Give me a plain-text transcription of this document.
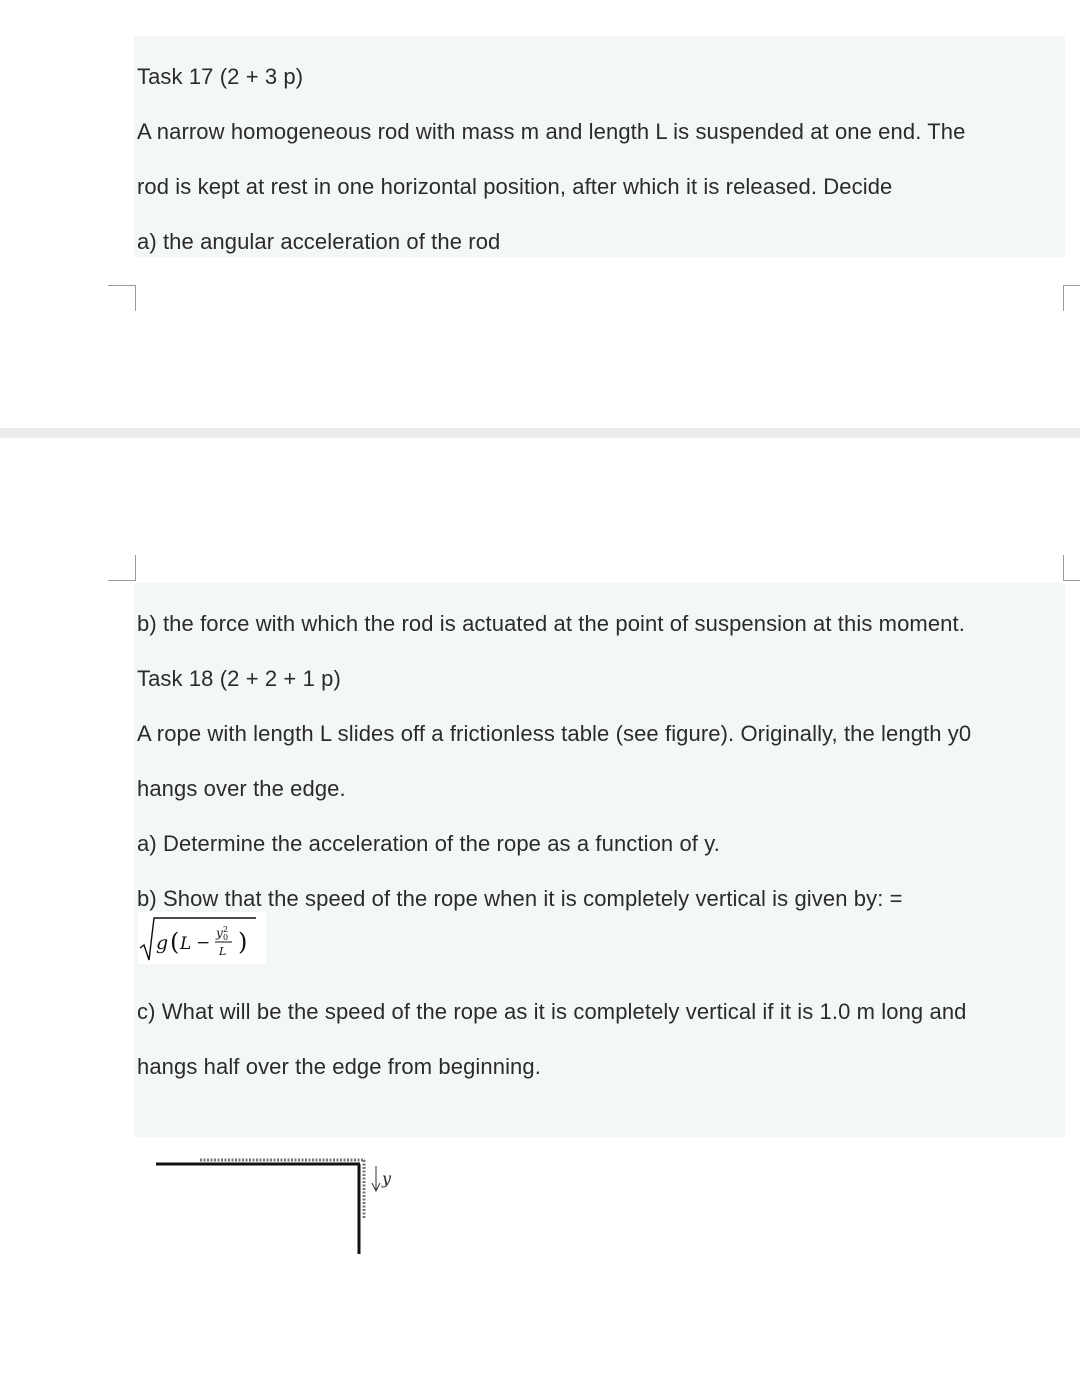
Task 17 (2 + 3 p)
A narrow homogeneous rod with mass m and length L is suspended at one end. The
rod is kept at rest in one horizontal position, after which it is released. Decide
a) the angular acceleration of the rod
b) the force with which the rod is actuated at the point of suspension at this moment.
Task 18 (2 + 2 + 1 p)
A rope with length L slides off a frictionless table (see figure). Originally, the length y0
hangs over the edge.
a) Determine the acceleration of the rope as a function of y.
b) Show that the speed of the rope when it is completely vertical is given by: =
g ( L − y 2
0
L )
c) What will be the speed of the rope as it is completely vertical if it is 1.0 m long and
hangs half over the edge from beginning.
y
